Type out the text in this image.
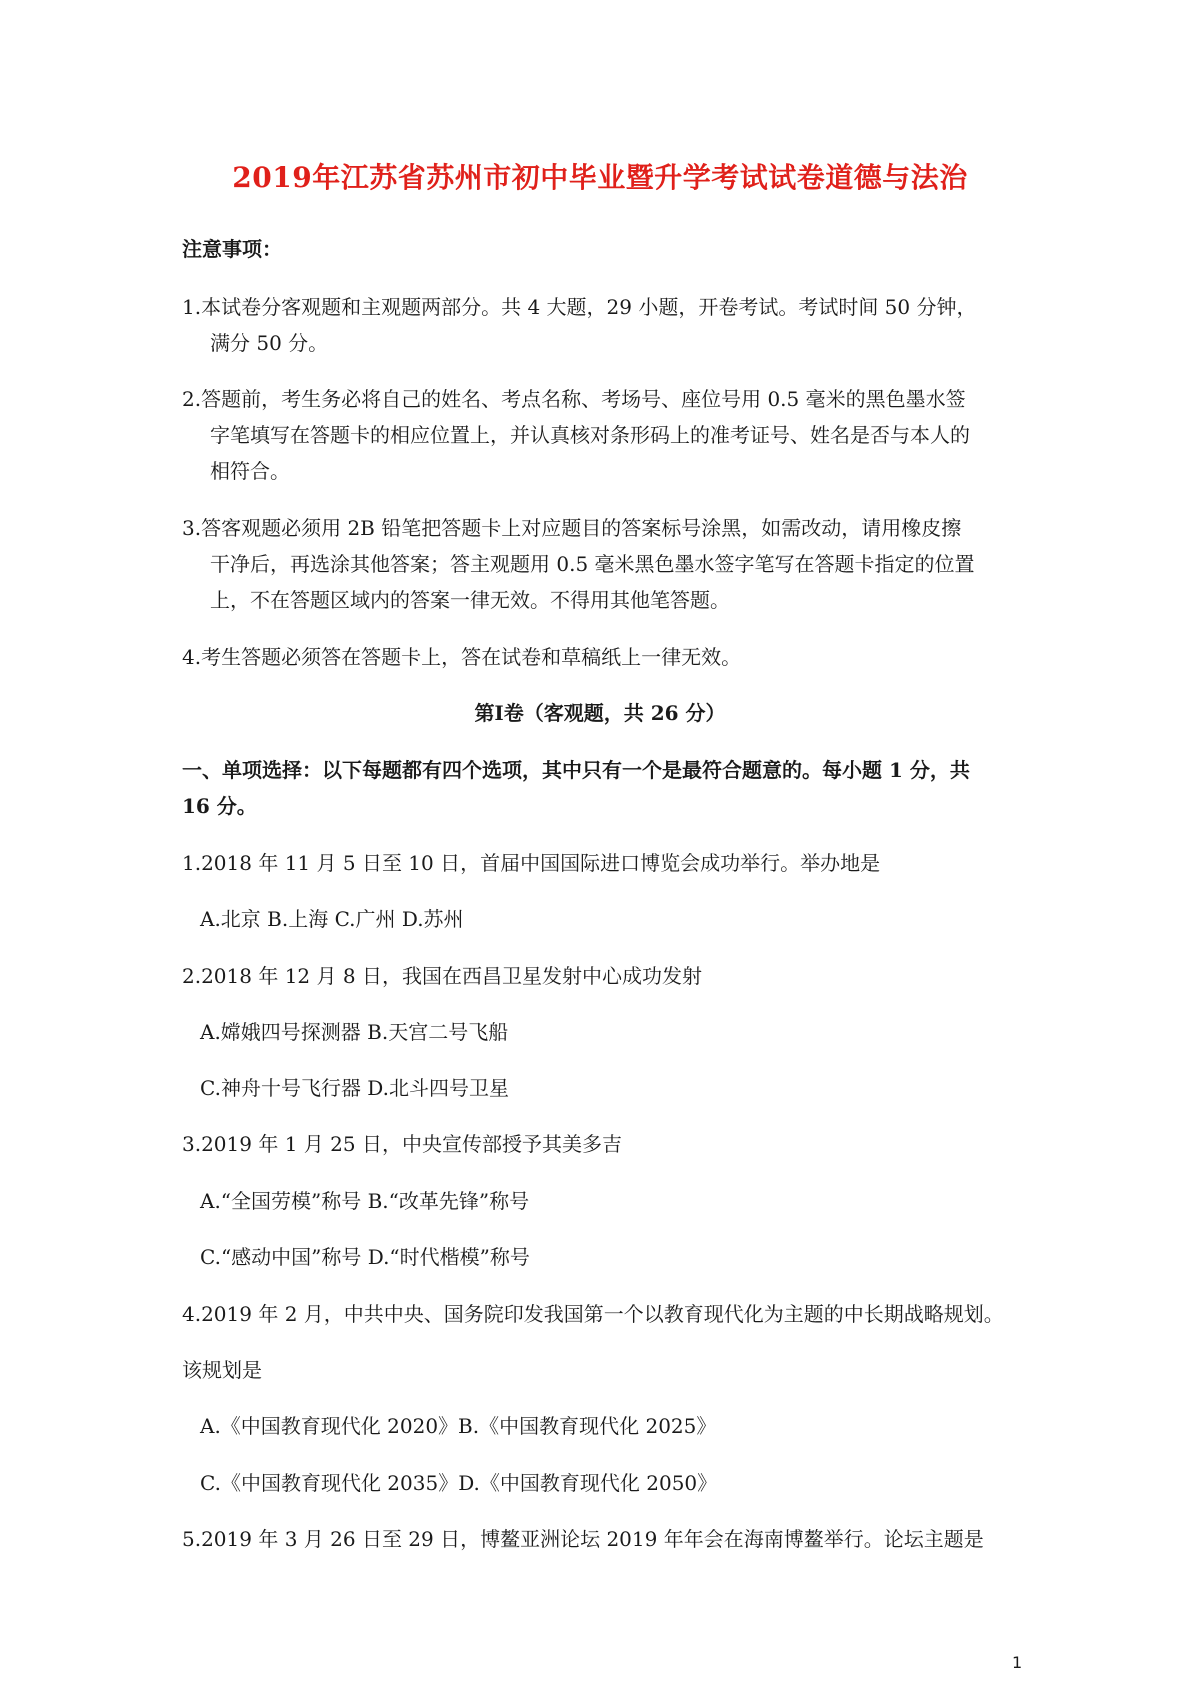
2019年江苏省苏州市初中毕业暨升学考试试卷道德与法治
注意事项：
1.本试卷分客观题和主观题两部分。共 4 大题，29 小题，开卷考试。考试时间 50 分钟，
满分 50 分。
2.答题前，考生务必将自己的姓名、考点名称、考场号、座位号用 0.5 毫米的黑色墨水签
字笔填写在答题卡的相应位置上，并认真核对条形码上的准考证号、姓名是否与本人的
相符合。
3.答客观题必须用 2B 铅笔把答题卡上对应题目的答案标号涂黑，如需改动，请用橡皮擦
干净后，再选涂其他答案；答主观题用 0.5 毫米黑色墨水签字笔写在答题卡指定的位置
上，不在答题区域内的答案一律无效。不得用其他笔答题。
4.考生答题必须答在答题卡上，答在试卷和草稿纸上一律无效。
第Ⅰ卷（客观题，共 26 分）
一、单项选择：以下每题都有四个选项，其中只有一个是最符合题意的。每小题 1 分，共
16 分。
1.2018 年 11 月 5 日至 10 日，首届中国国际进口博览会成功举行。举办地是
A.北京 B.上海 C.广州 D.苏州
2.2018 年 12 月 8 日，我国在西昌卫星发射中心成功发射
A.嫦娥四号探测器 B.天宫二号飞船
C.神舟十号飞行器 D.北斗四号卫星
3.2019 年 1 月 25 日，中央宣传部授予其美多吉
A.“全国劳模”称号 B.“改革先锋”称号
C.“感动中国”称号 D.“时代楷模”称号
4.2019 年 2 月，中共中央、国务院印发我国第一个以教育现代化为主题的中长期战略规划。
该规划是
A.《中国教育现代化 2020》B.《中国教育现代化 2025》
C.《中国教育现代化 2035》D.《中国教育现代化 2050》
5.2019 年 3 月 26 日至 29 日，博鳌亚洲论坛 2019 年年会在海南博鳌举行。论坛主题是
1
